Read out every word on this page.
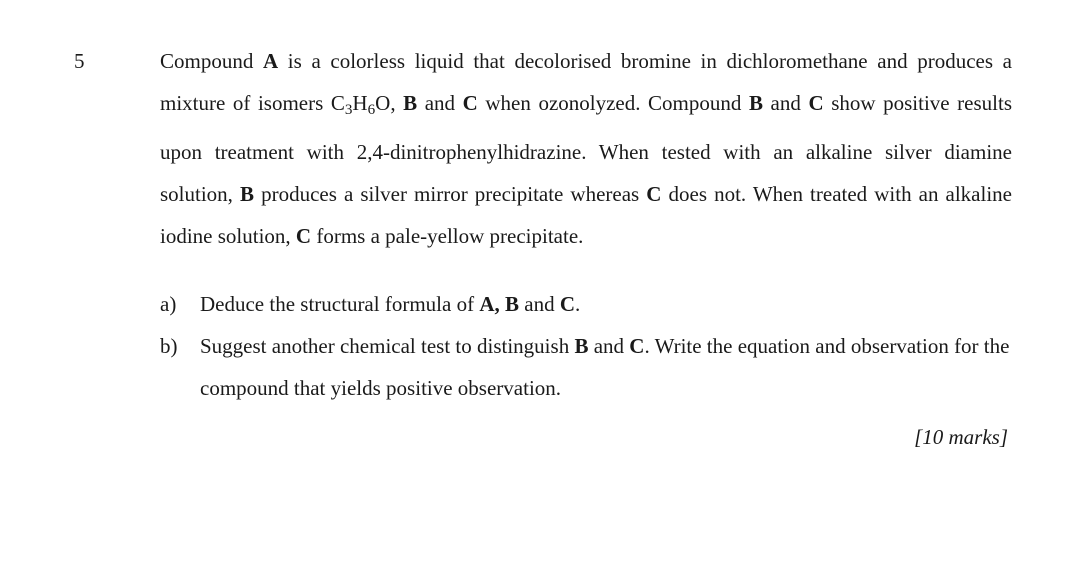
5	Compound A is a colorless liquid that decolorised bromine in dichloromethane and produces a mixture of isomers $C_3H_6O$, B and C when ozonolyzed. Compound B and C show positive results upon treatment with 2,4-dinitrophenylhidrazine. When tested with an alkaline silver diamine solution, B produces a silver mirror precipitate whereas C does not. When treated with an alkaline iodine solution, C forms a pale-yellow precipitate.

a)	Deduce the structural formula of A, B and C.
b)	Suggest another chemical test to distinguish B and C. Write the equation and observation for the compound that yields positive observation.
[10 marks]
